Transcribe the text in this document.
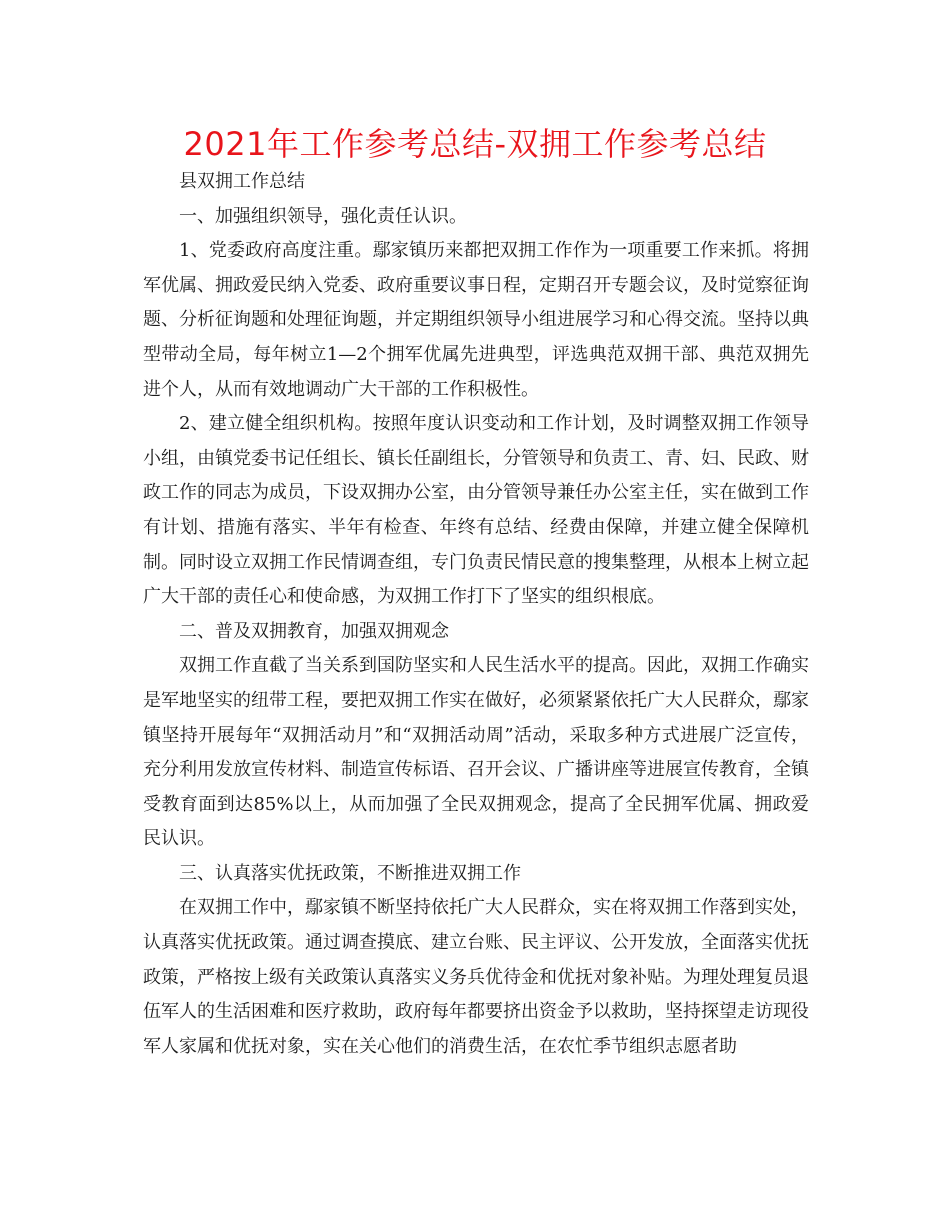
2021年工作参考总结-双拥工作参考总结

县双拥工作总结

一、加强组织领导，强化责任认识。

1、党委政府高度注重。鄢家镇历来都把双拥工作作为一项重要工作来抓。将拥军优属、拥政爱民纳入党委、政府重要议事日程，定期召开专题会议，及时觉察征询题、分析征询题和处理征询题，并定期组织领导小组进展学习和心得交流。坚持以典型带动全局，每年树立1—2个拥军优属先进典型，评选典范双拥干部、典范双拥先进个人，从而有效地调动广大干部的工作积极性。

2、建立健全组织机构。按照年度认识变动和工作计划，及时调整双拥工作领导小组，由镇党委书记任组长、镇长任副组长，分管领导和负责工、青、妇、民政、财政工作的同志为成员，下设双拥办公室，由分管领导兼任办公室主任，实在做到工作有计划、措施有落实、半年有检查、年终有总结、经费由保障，并建立健全保障机制。同时设立双拥工作民情调查组，专门负责民情民意的搜集整理，从根本上树立起广大干部的责任心和使命感，为双拥工作打下了坚实的组织根底。

二、普及双拥教育，加强双拥观念

双拥工作直截了当关系到国防坚实和人民生活水平的提高。因此，双拥工作确实是军地坚实的纽带工程，要把双拥工作实在做好，必须紧紧依托广大人民群众，鄢家镇坚持开展每年“双拥活动月”和“双拥活动周”活动，采取多种方式进展广泛宣传，充分利用发放宣传材料、制造宣传标语、召开会议、广播讲座等进展宣传教育，全镇受教育面到达85%以上，从而加强了全民双拥观念，提高了全民拥军优属、拥政爱民认识。

三、认真落实优抚政策，不断推进双拥工作

在双拥工作中，鄢家镇不断坚持依托广大人民群众，实在将双拥工作落到实处，认真落实优抚政策。通过调查摸底、建立台账、民主评议、公开发放，全面落实优抚政策，严格按上级有关政策认真落实义务兵优待金和优抚对象补贴。为理处理复员退伍军人的生活困难和医疗救助，政府每年都要挤出资金予以救助，坚持探望走访现役军人家属和优抚对象，实在关心他们的消费生活，在农忙季节组织志愿者助
